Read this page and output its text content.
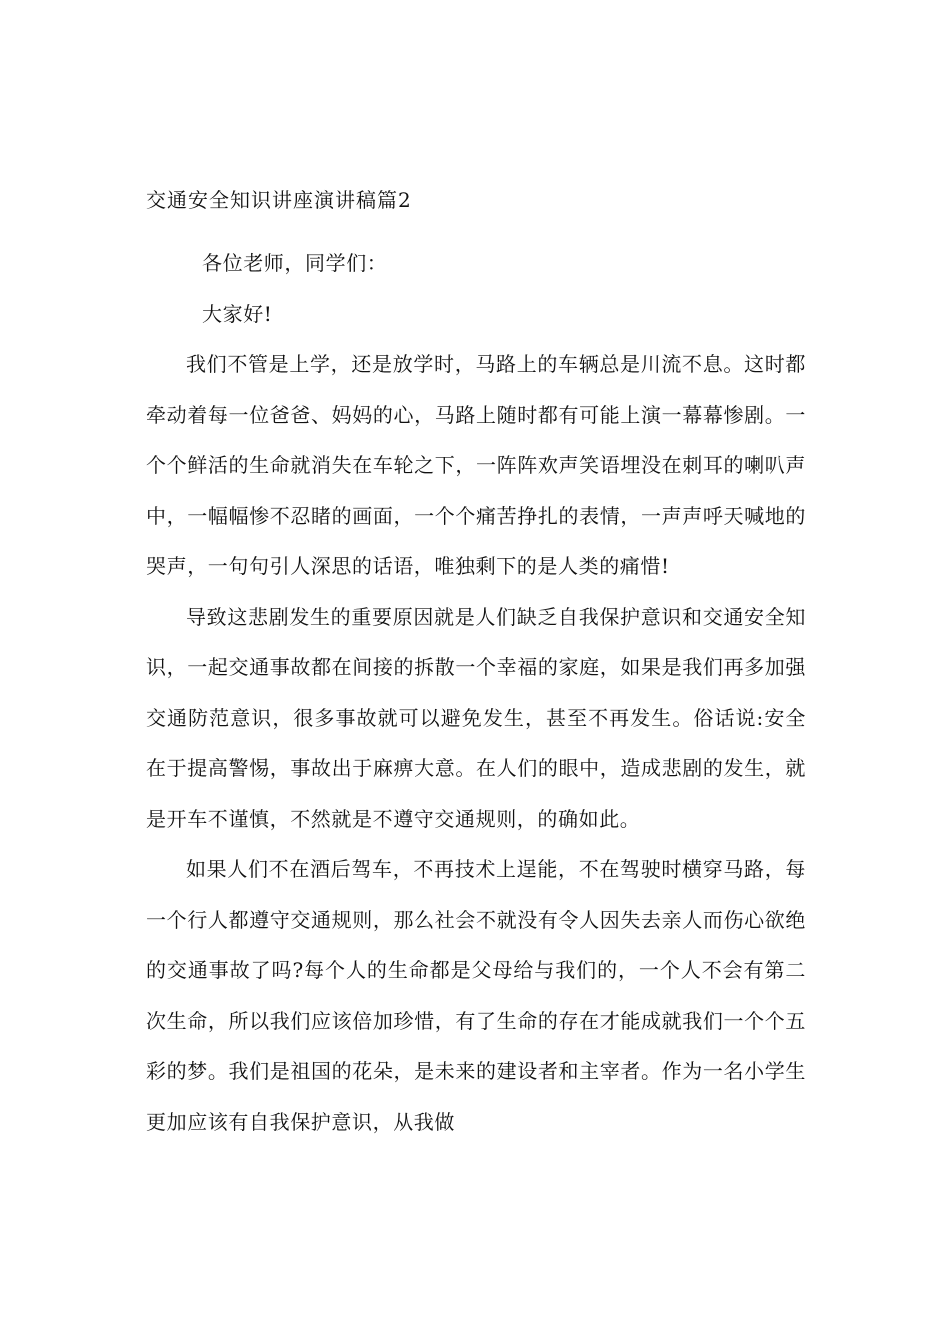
交通安全知识讲座演讲稿篇2

各位老师，同学们：

大家好!

我们不管是上学，还是放学时，马路上的车辆总是川流不息。这时都牵动着每一位爸爸、妈妈的心，马路上随时都有可能上演一幕幕惨剧。一个个鲜活的生命就消失在车轮之下，一阵阵欢声笑语埋没在刺耳的喇叭声中，一幅幅惨不忍睹的画面，一个个痛苦挣扎的表情，一声声呼天喊地的哭声，一句句引人深思的话语，唯独剩下的是人类的痛惜!

导致这悲剧发生的重要原因就是人们缺乏自我保护意识和交通安全知识，一起交通事故都在间接的拆散一个幸福的家庭，如果是我们再多加强交通防范意识，很多事故就可以避免发生，甚至不再发生。俗话说:安全在于提高警惕，事故出于麻痹大意。在人们的眼中，造成悲剧的发生，就是开车不谨慎，不然就是不遵守交通规则，的确如此。

如果人们不在酒后驾车，不再技术上逞能，不在驾驶时横穿马路，每一个行人都遵守交通规则，那么社会不就没有令人因失去亲人而伤心欲绝的交通事故了吗?每个人的生命都是父母给与我们的，一个人不会有第二次生命，所以我们应该倍加珍惜，有了生命的存在才能成就我们一个个五彩的梦。我们是祖国的花朵，是未来的建设者和主宰者。作为一名小学生更加应该有自我保护意识，从我做
